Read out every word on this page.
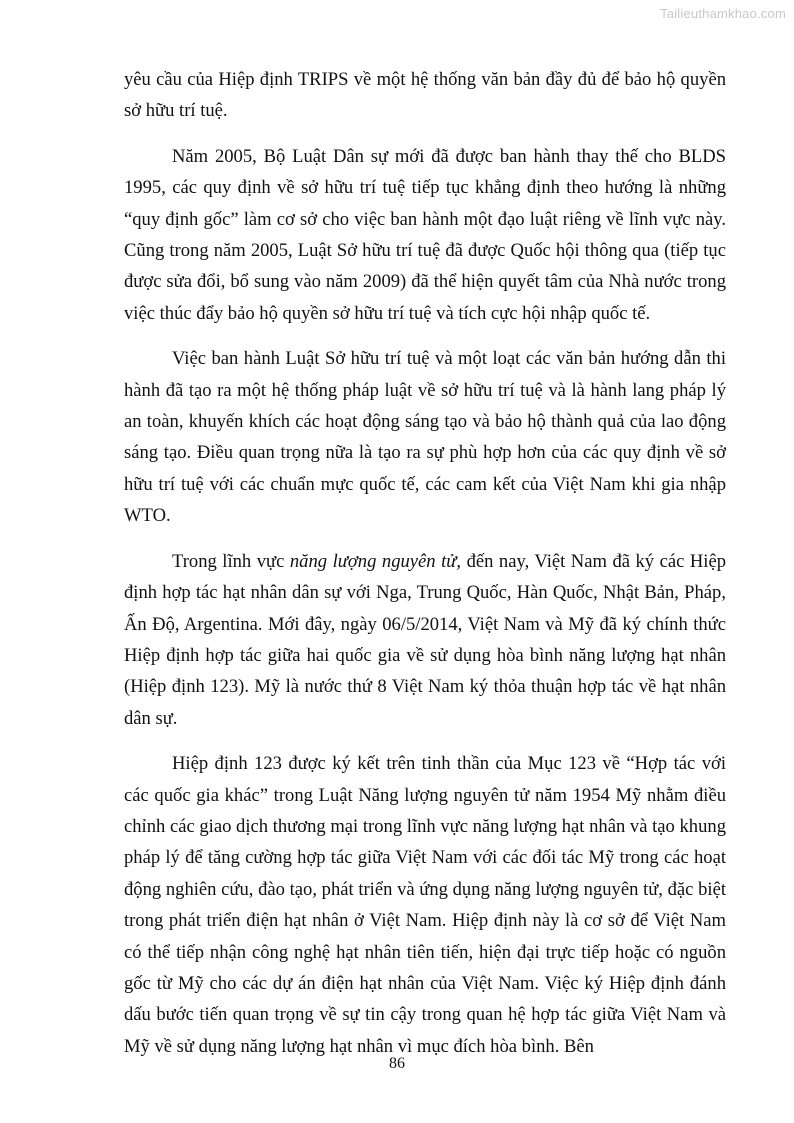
Tailieuthamkhao.com

yêu cầu của Hiệp định TRIPS về một hệ thống văn bản đầy đủ để bảo hộ quyền sở hữu trí tuệ.

Năm 2005, Bộ Luật Dân sự mới đã được ban hành thay thế cho BLDS 1995, các quy định về sở hữu trí tuệ tiếp tục khẳng định theo hướng là những “quy định gốc” làm cơ sở cho việc ban hành một đạo luật riêng về lĩnh vực này. Cũng trong năm 2005, Luật Sở hữu trí tuệ đã được Quốc hội thông qua (tiếp tục được sửa đổi, bổ sung vào năm 2009) đã thể hiện quyết tâm của Nhà nước trong việc thúc đẩy bảo hộ quyền sở hữu trí tuệ và tích cực hội nhập quốc tế.

Việc ban hành Luật Sở hữu trí tuệ và một loạt các văn bản hướng dẫn thi hành đã tạo ra một hệ thống pháp luật về sở hữu trí tuệ và là hành lang pháp lý an toàn, khuyến khích các hoạt động sáng tạo và bảo hộ thành quả của lao động sáng tạo. Điều quan trọng nữa là tạo ra sự phù hợp hơn của các quy định về sở hữu trí tuệ với các chuẩn mực quốc tế, các cam kết của Việt Nam khi gia nhập WTO.

Trong lĩnh vực năng lượng nguyên tử, đến nay, Việt Nam đã ký các Hiệp định hợp tác hạt nhân dân sự với Nga, Trung Quốc, Hàn Quốc, Nhật Bản, Pháp, Ấn Độ, Argentina. Mới đây, ngày 06/5/2014, Việt Nam và Mỹ đã ký chính thức Hiệp định hợp tác giữa hai quốc gia về sử dụng hòa bình năng lượng hạt nhân (Hiệp định 123). Mỹ là nước thứ 8 Việt Nam ký thỏa thuận hợp tác về hạt nhân dân sự.

Hiệp định 123 được ký kết trên tinh thần của Mục 123 về “Hợp tác với các quốc gia khác” trong Luật Năng lượng nguyên tử năm 1954 Mỹ nhằm điều chỉnh các giao dịch thương mại trong lĩnh vực năng lượng hạt nhân và tạo khung pháp lý để tăng cường hợp tác giữa Việt Nam với các đối tác Mỹ trong các hoạt động nghiên cứu, đào tạo, phát triển và ứng dụng năng lượng nguyên tử, đặc biệt trong phát triển điện hạt nhân ở Việt Nam. Hiệp định này là cơ sở để Việt Nam có thể tiếp nhận công nghệ hạt nhân tiên tiến, hiện đại trực tiếp hoặc có nguồn gốc từ Mỹ cho các dự án điện hạt nhân của Việt Nam. Việc ký Hiệp định đánh dấu bước tiến quan trọng về sự tin cậy trong quan hệ hợp tác giữa Việt Nam và Mỹ về sử dụng năng lượng hạt nhân vì mục đích hòa bình. Bên

86
